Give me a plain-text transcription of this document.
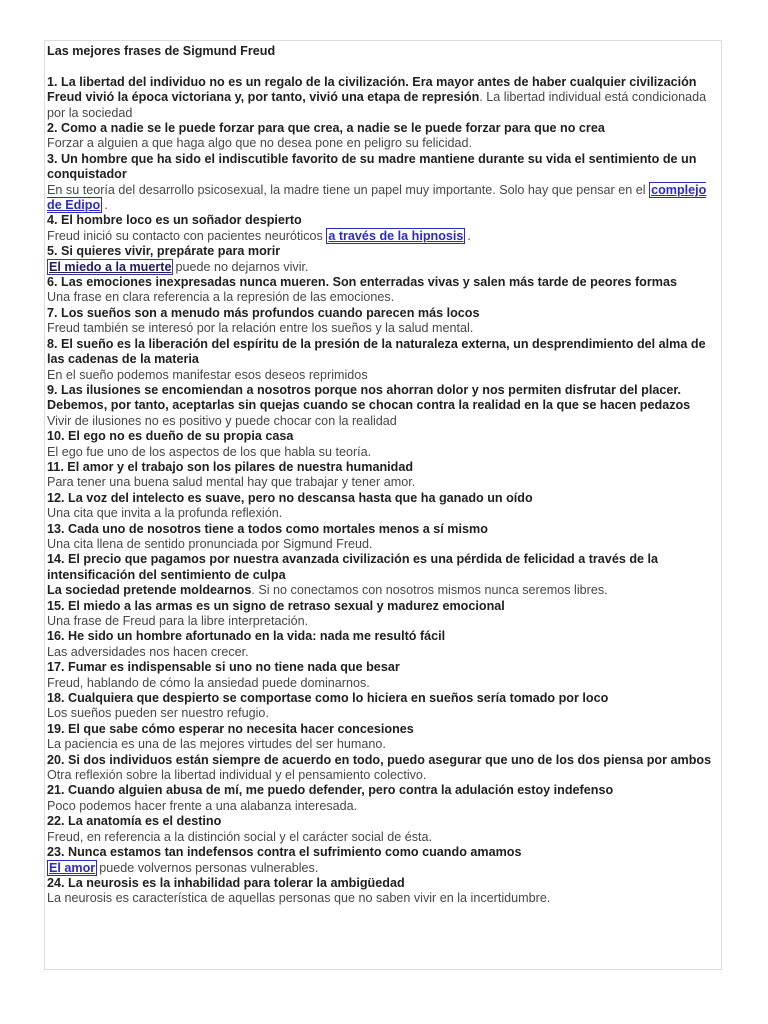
Las mejores frases de Sigmund Freud
1. La libertad del individuo no es un regalo de la civilización. Era mayor antes de haber cualquier civilización
Freud vivió la época victoriana y, por tanto, vivió una etapa de represión. La libertad individual está condicionada por la sociedad
2. Como a nadie se le puede forzar para que crea, a nadie se le puede forzar para que no crea
Forzar a alguien a que haga algo que no desea pone en peligro su felicidad.
3. Un hombre que ha sido el indiscutible favorito de su madre mantiene durante su vida el sentimiento de un conquistador
En su teoría del desarrollo psicosexual, la madre tiene un papel muy importante. Solo hay que pensar en el complejo de Edipo .
4. El hombre loco es un soñador despierto
Freud inició su contacto con pacientes neuróticos a través de la hipnosis .
5. Si quieres vivir, prepárate para morir
El miedo a la muerte puede no dejarnos vivir.
6. Las emociones inexpresadas nunca mueren. Son enterradas vivas y salen más tarde de peores formas
Una frase en clara referencia a la represión de las emociones.
7. Los sueños son a menudo más profundos cuando parecen más locos
Freud también se interesó por la relación entre los sueños y la salud mental.
8. El sueño es la liberación del espíritu de la presión de la naturaleza externa, un desprendimiento del alma de las cadenas de la materia
En el sueño podemos manifestar esos deseos reprimidos
9. Las ilusiones se encomiendan a nosotros porque nos ahorran dolor y nos permiten disfrutar del placer. Debemos, por tanto, aceptarlas sin quejas cuando se chocan contra la realidad en la que se hacen pedazos
Vivir de ilusiones no es positivo y puede chocar con la realidad
10. El ego no es dueño de su propia casa
El ego fue uno de los aspectos de los que habla su teoría.
11. El amor y el trabajo son los pilares de nuestra humanidad
Para tener una buena salud mental hay que trabajar y tener amor.
12. La voz del intelecto es suave, pero no descansa hasta que ha ganado un oído
Una cita que invita a la profunda reflexión.
13. Cada uno de nosotros tiene a todos como mortales menos a sí mismo
Una cita llena de sentido pronunciada por Sigmund Freud.
14. El precio que pagamos por nuestra avanzada civilización es una pérdida de felicidad a través de la intensificación del sentimiento de culpa
La sociedad pretende moldearnos. Si no conectamos con nosotros mismos nunca seremos libres.
15. El miedo a las armas es un signo de retraso sexual y madurez emocional
Una frase de Freud para la libre interpretación.
16. He sido un hombre afortunado en la vida: nada me resultó fácil
Las adversidades nos hacen crecer.
17. Fumar es indispensable si uno no tiene nada que besar
Freud, hablando de cómo la ansiedad puede dominarnos.
18. Cualquiera que despierto se comportase como lo hiciera en sueños sería tomado por loco
Los sueños pueden ser nuestro refugio.
19. El que sabe cómo esperar no necesita hacer concesiones
La paciencia es una de las mejores virtudes del ser humano.
20. Si dos individuos están siempre de acuerdo en todo, puedo asegurar que uno de los dos piensa por ambos
Otra reflexión sobre la libertad individual y el pensamiento colectivo.
21. Cuando alguien abusa de mí, me puedo defender, pero contra la adulación estoy indefenso
Poco podemos hacer frente a una alabanza interesada.
22. La anatomía es el destino
Freud, en referencia a la distinción social y el carácter social de ésta.
23. Nunca estamos tan indefensos contra el sufrimiento como cuando amamos
El amor puede volvernos personas vulnerables.
24. La neurosis es la inhabilidad para tolerar la ambigüedad
La neurosis es característica de aquellas personas que no saben vivir en la incertidumbre.
